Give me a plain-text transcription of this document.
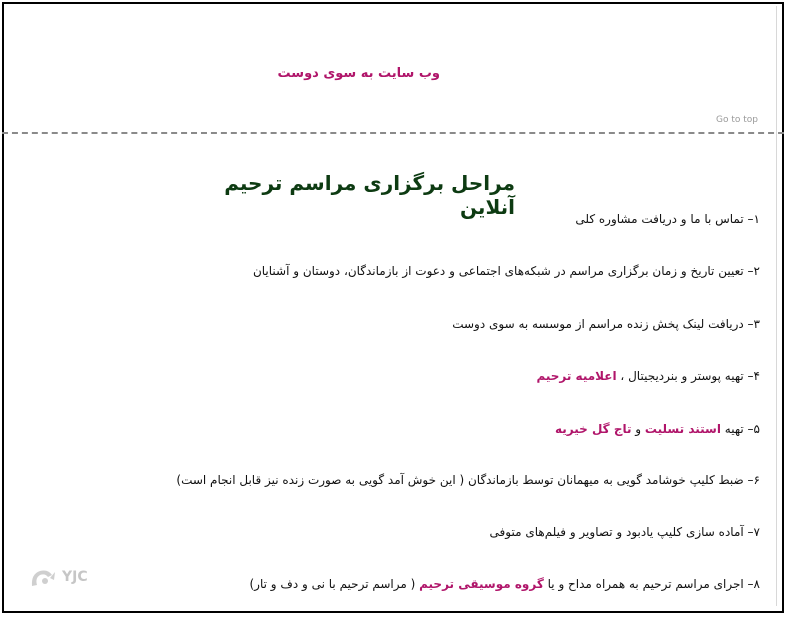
وب سایت به سوی دوست
Go to top
مراحل برگزاری مراسم ترحیم آنلاین	۱– تماس با ما و دریافت مشاوره کلی
۲– تعیین تاریخ و زمان برگزاری مراسم در شبکه‌های اجتماعی و دعوت از بازماندگان، دوستان و آشنایان
۳– دریافت لینک پخش زنده مراسم از موسسه به سوی دوست
۴– تهیه پوستر و بنردیجیتال ، اعلامیه ترحیم
۵– تهیه استند تسلیت و تاج گل خیریه
۶– ضبط کلیپ خوشامد گویی به میهمانان توسط بازماندگان ( این خوش آمد گویی به صورت زنده نیز قابل انجام است)
۷– آماده سازی کلیپ یادبود و تصاویر و فیلم‌های متوفی
۸– اجرای مراسم ترحیم به همراه مداح و یا گروه موسیقی ترحیم ( مراسم ترحیم با نی و دف و تار)
YJC
